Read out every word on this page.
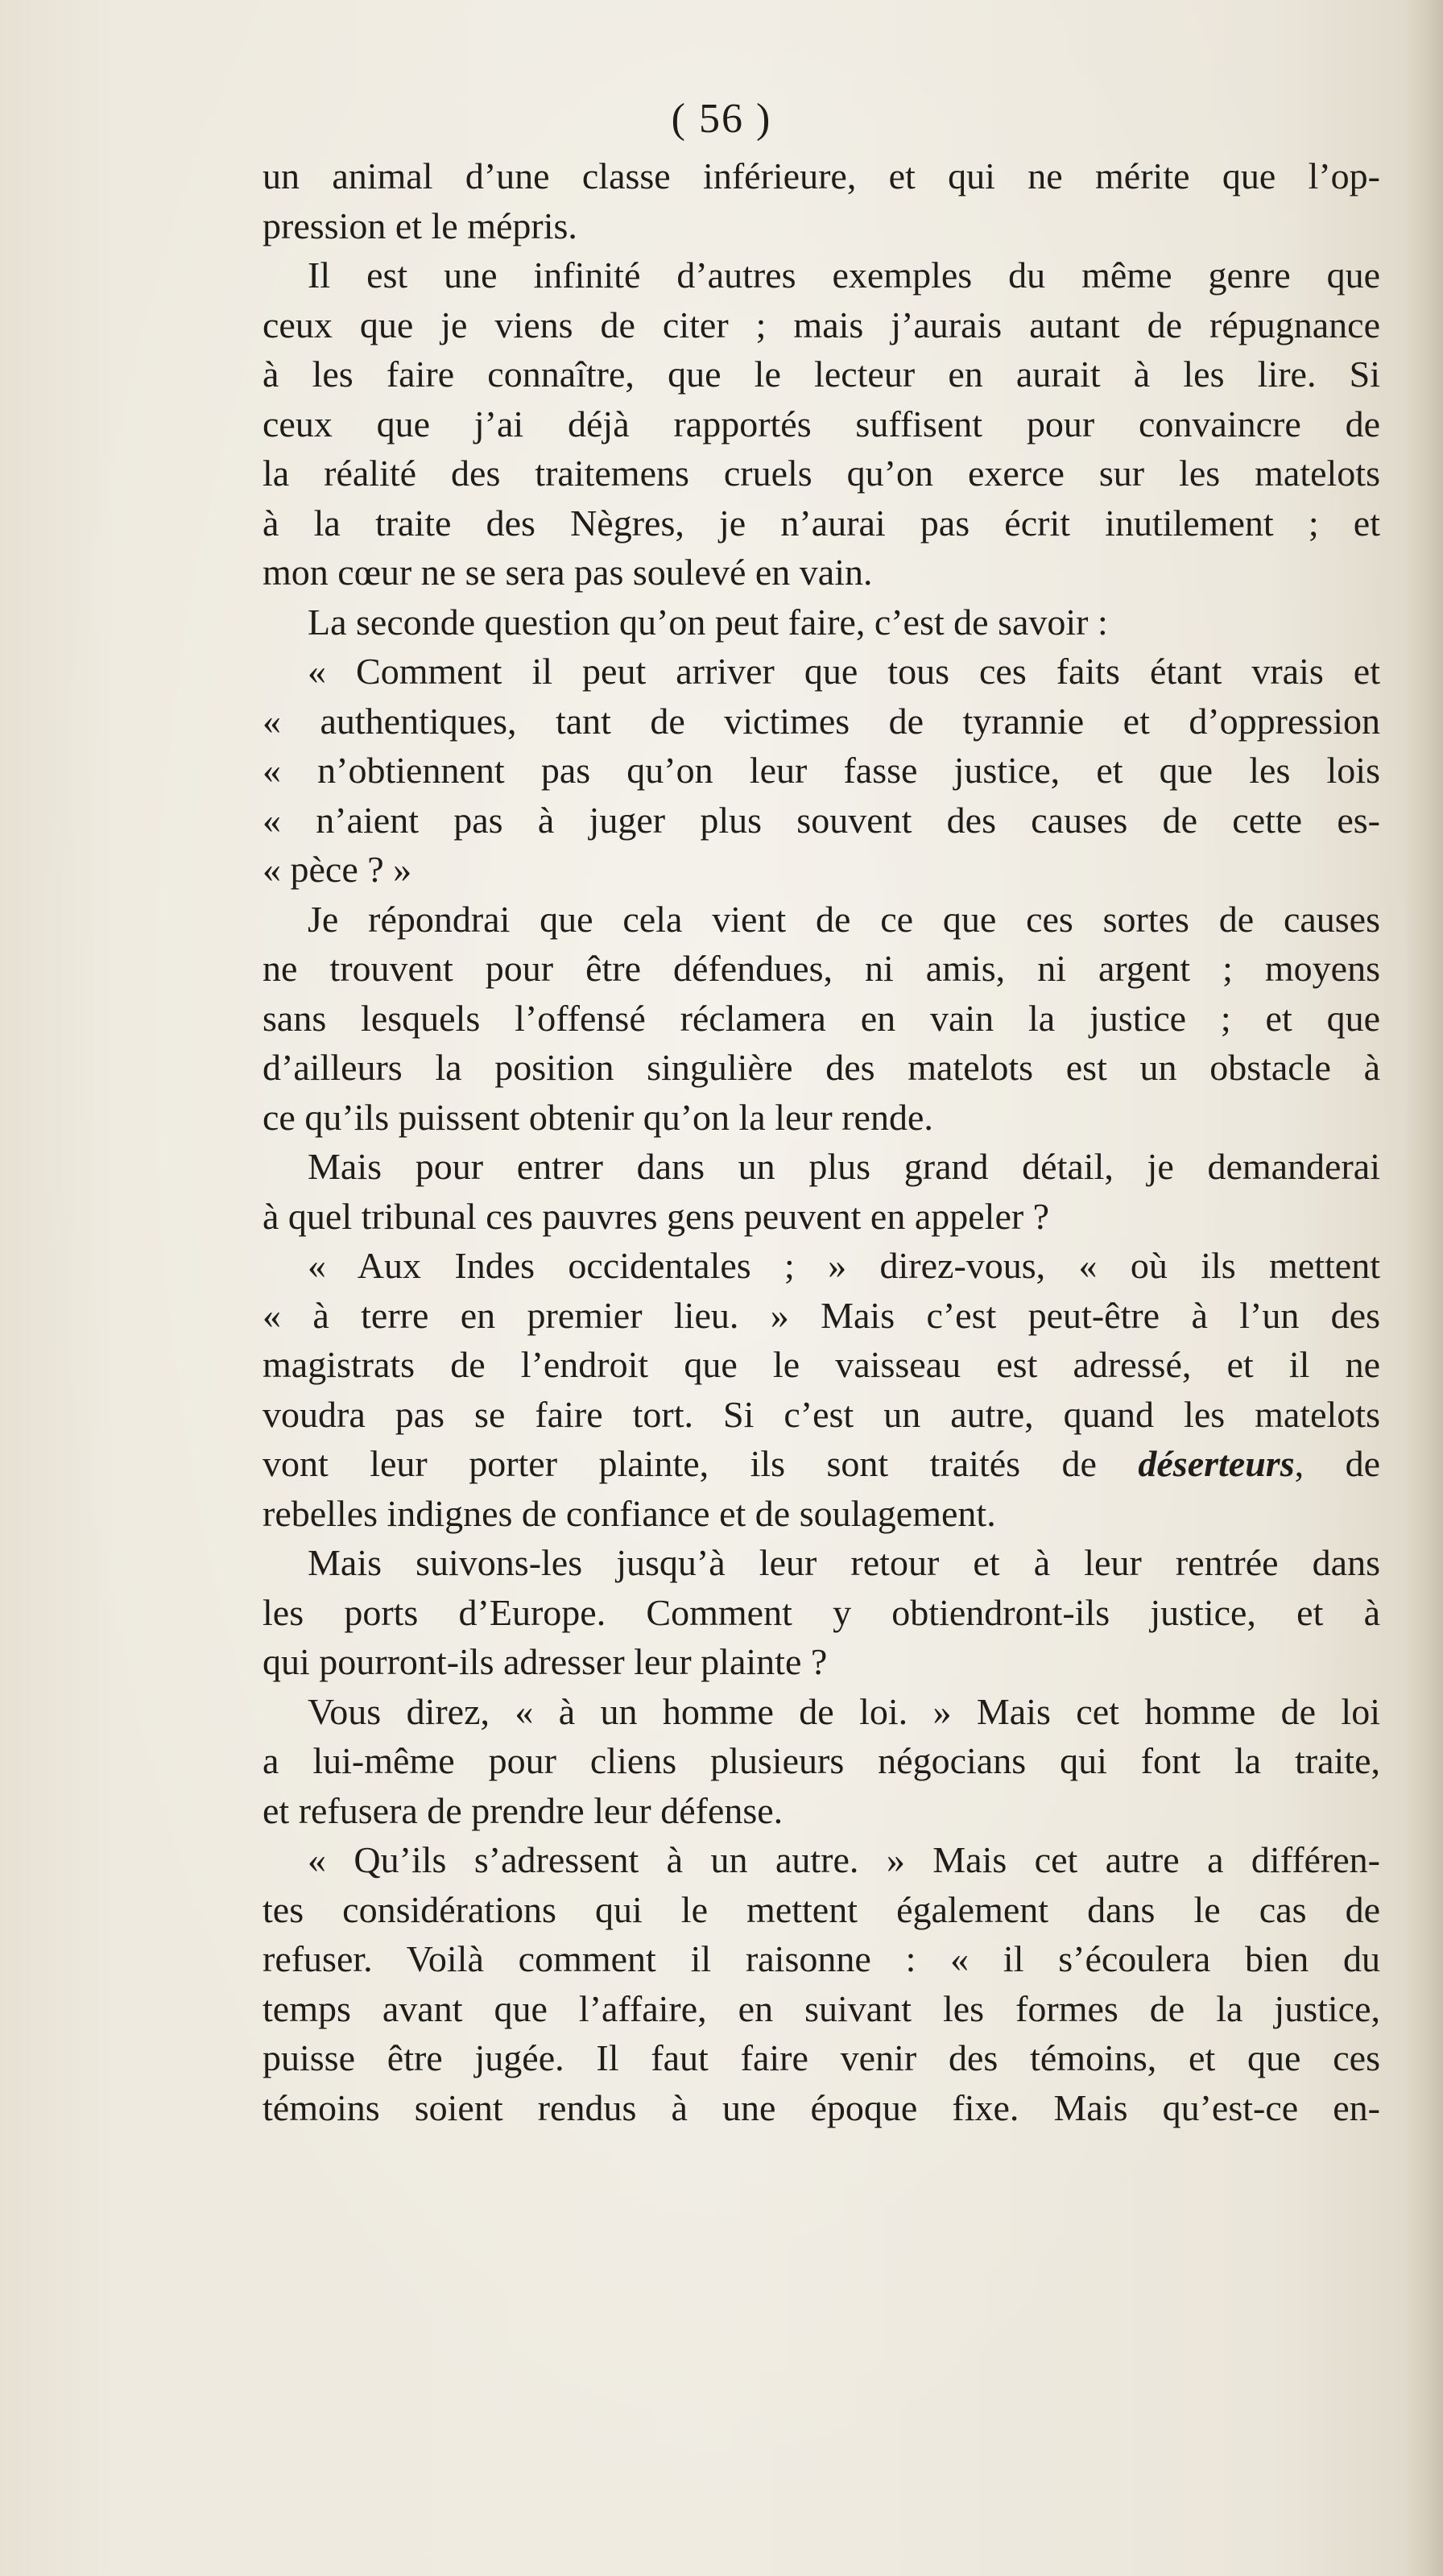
( 56 )
un animal d’une classe inférieure, et qui ne mérite que l’op-
pression et le mépris.
Il est une infinité d’autres exemples du même genre que
ceux que je viens de citer ; mais j’aurais autant de répugnance
à les faire connaître, que le lecteur en aurait à les lire. Si
ceux que j’ai déjà rapportés suffisent pour convaincre de
la réalité des traitemens cruels qu’on exerce sur les matelots
à la traite des Nègres, je n’aurai pas écrit inutilement ; et
mon cœur ne se sera pas soulevé en vain.
La seconde question qu’on peut faire, c’est de savoir :
« Comment il peut arriver que tous ces faits étant vrais et
« authentiques, tant de victimes de tyrannie et d’oppression
« n’obtiennent pas qu’on leur fasse justice, et que les lois
« n’aient pas à juger plus souvent des causes de cette es-
« pèce ? »
Je répondrai que cela vient de ce que ces sortes de causes
ne trouvent pour être défendues, ni amis, ni argent ; moyens
sans lesquels l’offensé réclamera en vain la justice ; et que
d’ailleurs la position singulière des matelots est un obstacle à
ce qu’ils puissent obtenir qu’on la leur rende.
Mais pour entrer dans un plus grand détail, je demanderai
à quel tribunal ces pauvres gens peuvent en appeler ?
« Aux Indes occidentales ; » direz-vous, « où ils mettent
« à terre en premier lieu. » Mais c’est peut-être à l’un des
magistrats de l’endroit que le vaisseau est adressé, et il ne
voudra pas se faire tort. Si c’est un autre, quand les matelots
vont leur porter plainte, ils sont traités de déserteurs, de
rebelles indignes de confiance et de soulagement.
Mais suivons-les jusqu’à leur retour et à leur rentrée dans
les ports d’Europe. Comment y obtiendront-ils justice, et à
qui pourront-ils adresser leur plainte ?
Vous direz, « à un homme de loi. » Mais cet homme de loi
a lui-même pour cliens plusieurs négocians qui font la traite,
et refusera de prendre leur défense.
« Qu’ils s’adressent à un autre. » Mais cet autre a différen-
tes considérations qui le mettent également dans le cas de
refuser. Voilà comment il raisonne : « il s’écoulera bien du
temps avant que l’affaire, en suivant les formes de la justice,
puisse être jugée. Il faut faire venir des témoins, et que ces
témoins soient rendus à une époque fixe. Mais qu’est-ce en-
